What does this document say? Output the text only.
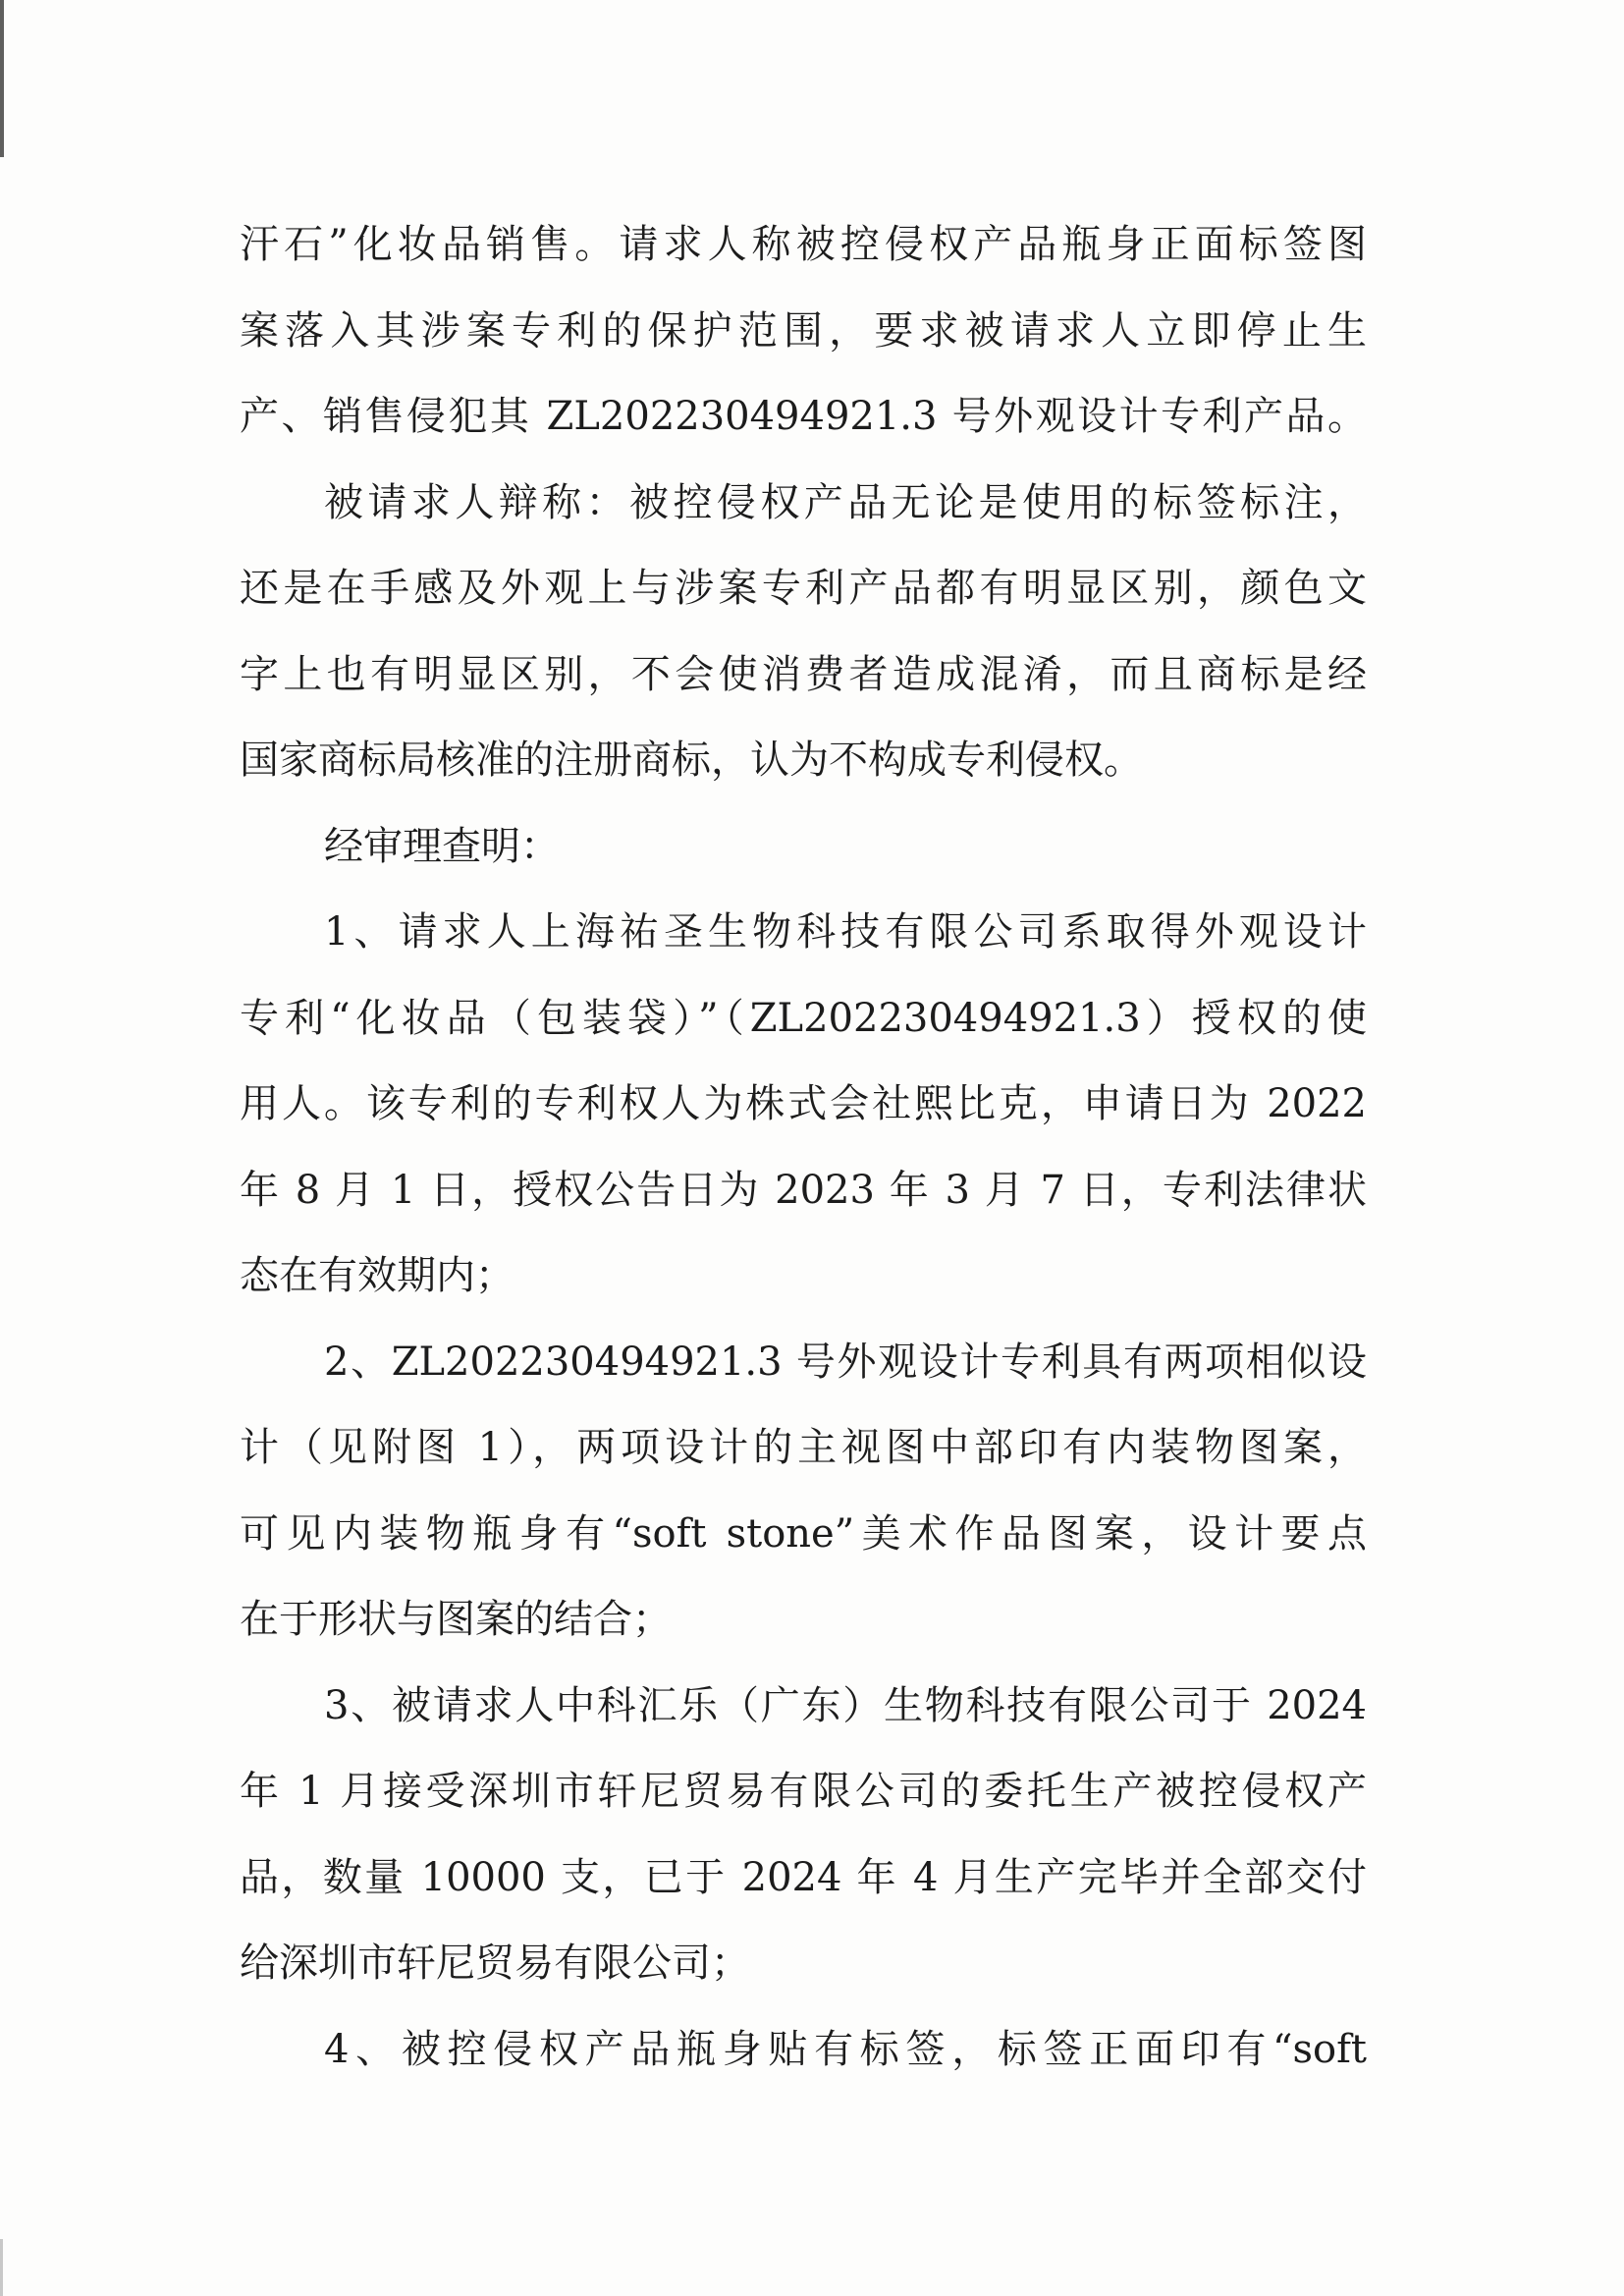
汗石”化妆品销售。请求人称被控侵权产品瓶身正面标签图
案落入其涉案专利的保护范围，要求被请求人立即停止生
产、销售侵犯其 ZL202230494921.3 号外观设计专利产品。
被请求人辩称：被控侵权产品无论是使用的标签标注，
还是在手感及外观上与涉案专利产品都有明显区别，颜色文
字上也有明显区别，不会使消费者造成混淆，而且商标是经
国家商标局核准的注册商标，认为不构成专利侵权。
经审理查明：
1、请求人上海祐圣生物科技有限公司系取得外观设计
专利“化妆品（包装袋）”（ZL202230494921.3）授权的使
用人。该专利的专利权人为株式会社熙比克，申请日为 2022
年 8 月 1 日，授权公告日为 2023 年 3 月 7 日，专利法律状
态在有效期内；
2、ZL202230494921.3 号外观设计专利具有两项相似设
计（见附图 1），两项设计的主视图中部印有内装物图案，
可见内装物瓶身有“soft stone”美术作品图案，设计要点
在于形状与图案的结合；
3、被请求人中科汇乐（广东）生物科技有限公司于 2024
年 1 月接受深圳市轩尼贸易有限公司的委托生产被控侵权产
品，数量 10000 支，已于 2024 年 4 月生产完毕并全部交付
给深圳市轩尼贸易有限公司；
4、被控侵权产品瓶身贴有标签，标签正面印有“soft
